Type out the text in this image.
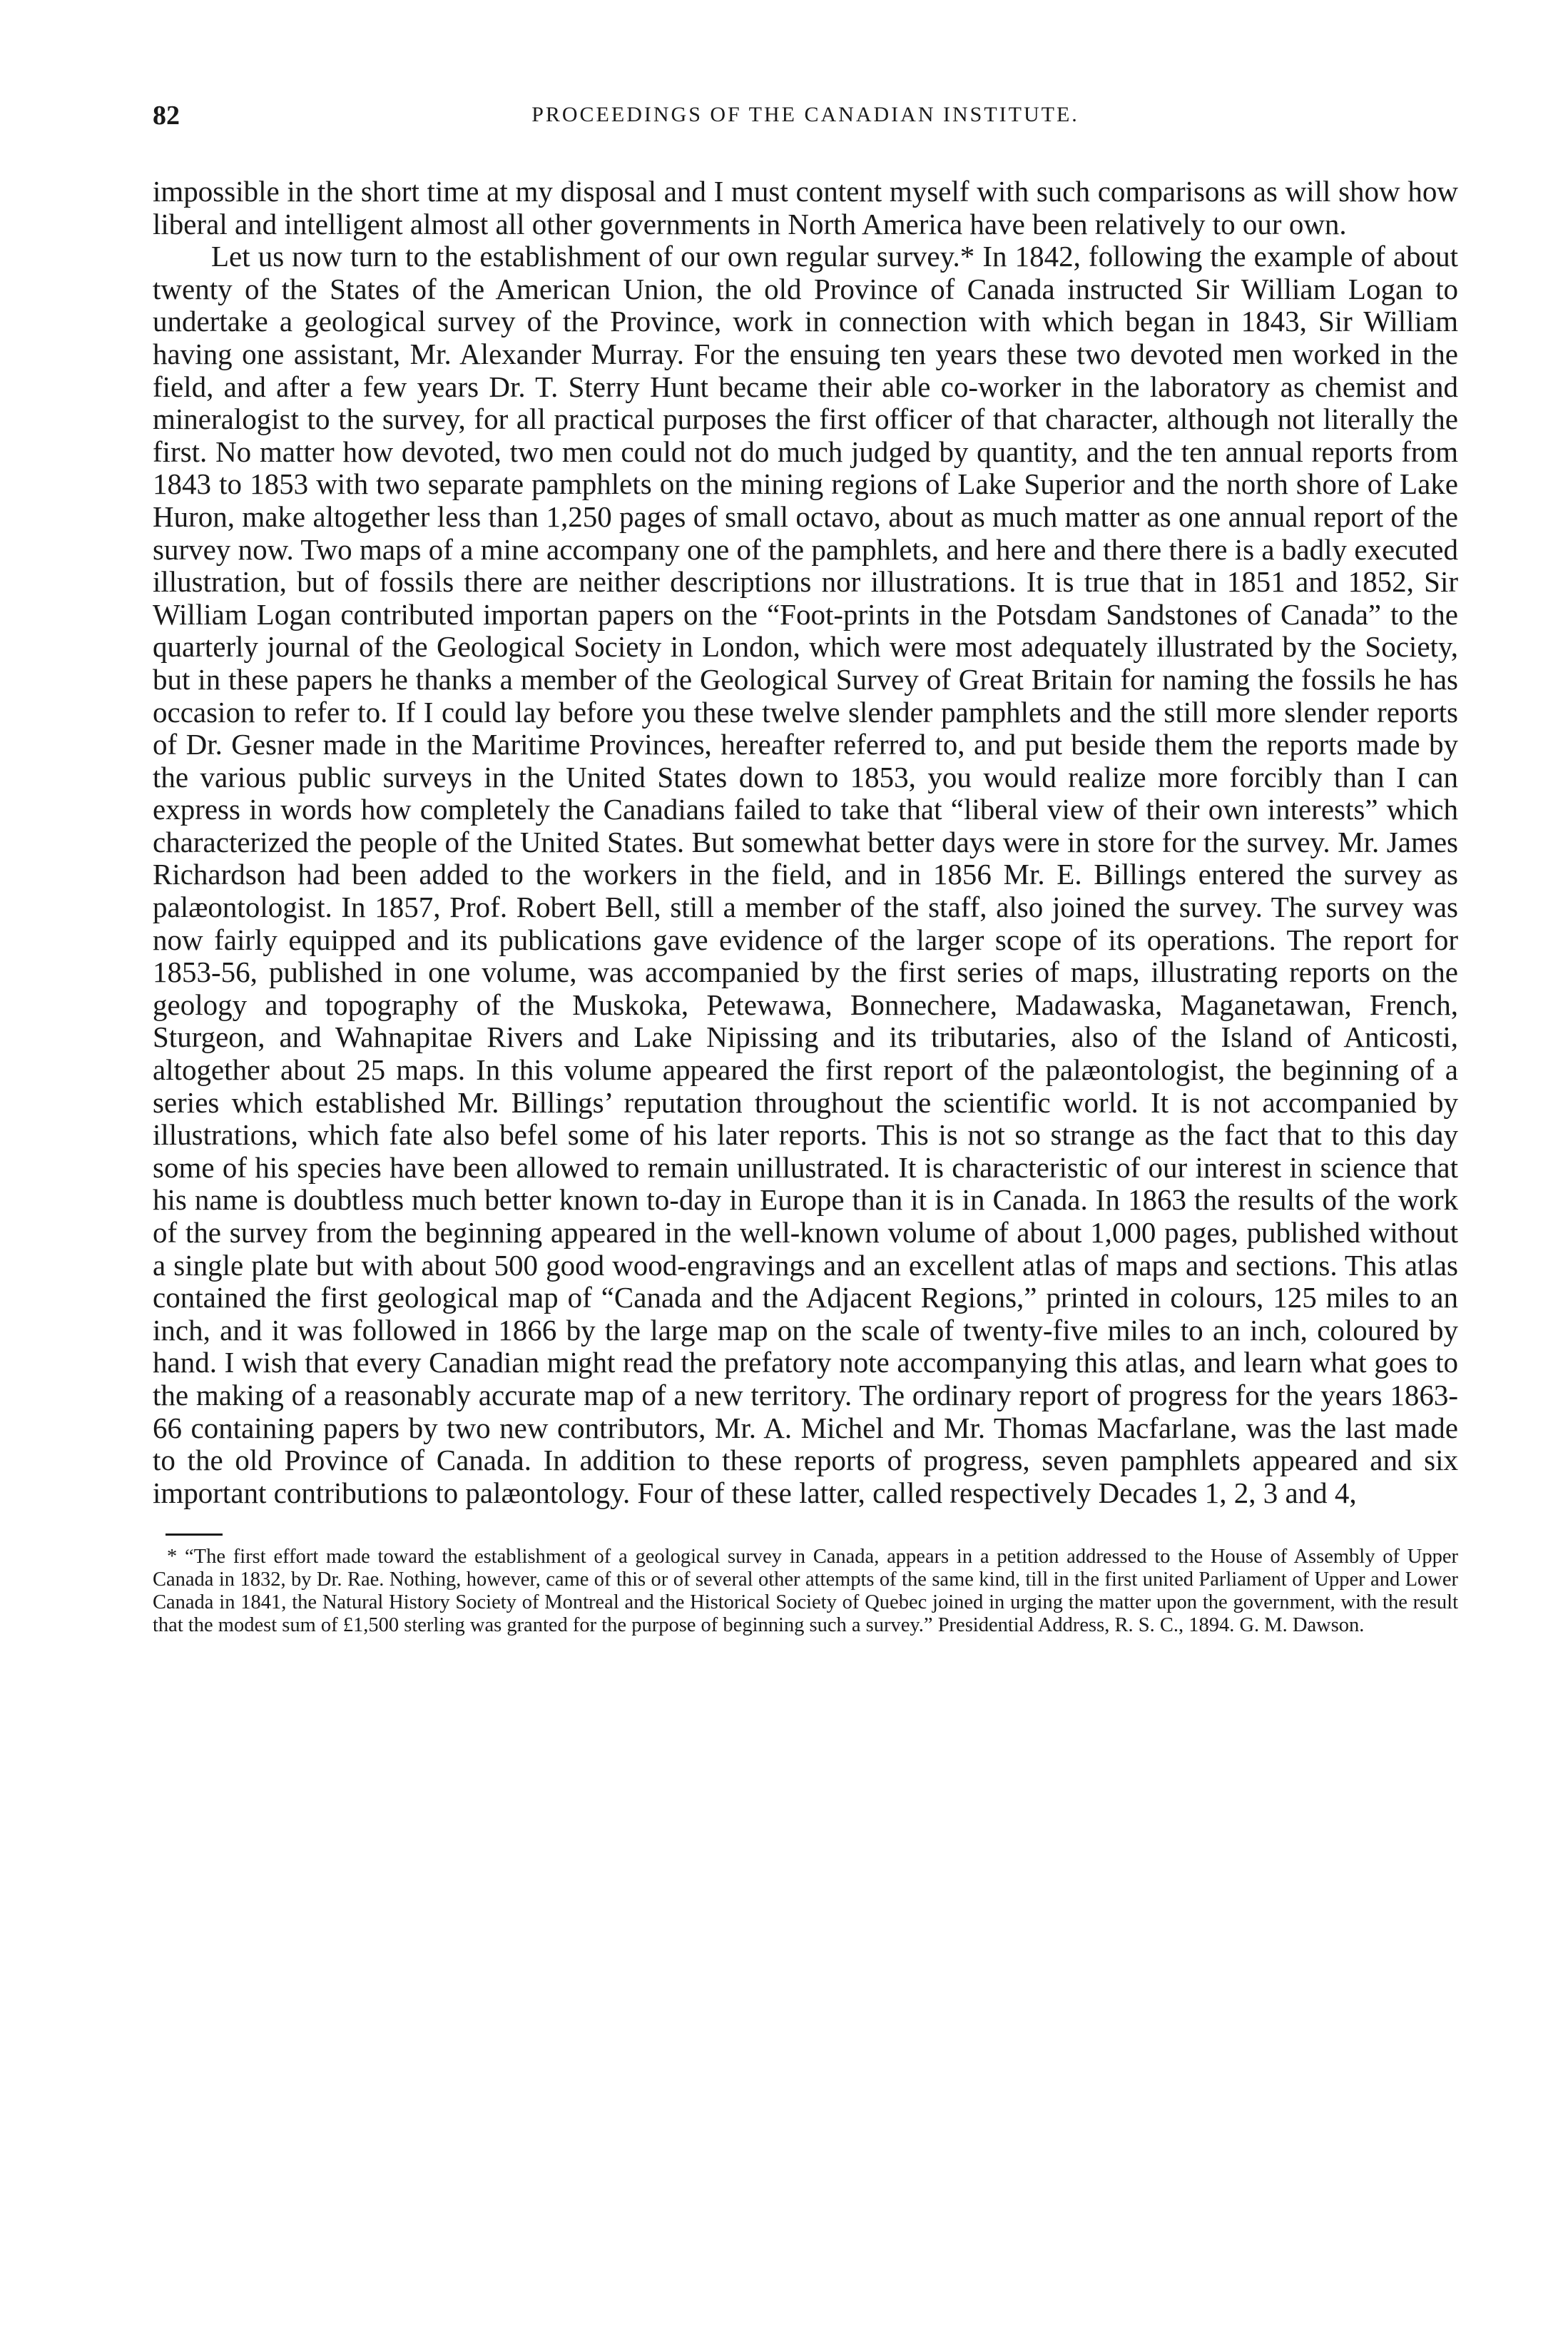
82	PROCEEDINGS OF THE CANADIAN INSTITUTE.

impossible in the short time at my disposal and I must content myself with such comparisons as will show how liberal and intelligent almost all other governments in North America have been relatively to our own.

Let us now turn to the establishment of our own regular survey.* In 1842, following the example of about twenty of the States of the American Union, the old Province of Canada instructed Sir William Logan to undertake a geological survey of the Province, work in connection with which began in 1843, Sir William having one assistant, Mr. Alexander Murray. For the ensuing ten years these two devoted men worked in the field, and after a few years Dr. T. Sterry Hunt became their able co-worker in the laboratory as chemist and mineralogist to the survey, for all practical purposes the first officer of that character, although not literally the first. No matter how devoted, two men could not do much judged by quantity, and the ten annual reports from 1843 to 1853 with two separate pamphlets on the mining regions of Lake Superior and the north shore of Lake Huron, make altogether less than 1,250 pages of small octavo, about as much matter as one annual report of the survey now. Two maps of a mine accompany one of the pamphlets, and here and there there is a badly executed illustration, but of fossils there are neither descriptions nor illustrations. It is true that in 1851 and 1852, Sir William Logan contributed importan papers on the “Foot-prints in the Potsdam Sandstones of Canada” to the quarterly journal of the Geological Society in London, which were most adequately illustrated by the Society, but in these papers he thanks a member of the Geological Survey of Great Britain for naming the fossils he has occasion to refer to. If I could lay before you these twelve slender pamphlets and the still more slender reports of Dr. Gesner made in the Maritime Provinces, hereafter referred to, and put beside them the reports made by the various public surveys in the United States down to 1853, you would realize more forcibly than I can express in words how completely the Canadians failed to take that “liberal view of their own interests” which characterized the people of the United States. But somewhat better days were in store for the survey. Mr. James Richardson had been added to the workers in the field, and in 1856 Mr. E. Billings entered the survey as palæontologist. In 1857, Prof. Robert Bell, still a member of the staff, also joined the survey. The survey was now fairly equipped and its publications gave evidence of the larger scope of its operations. The report for 1853-56, published in one volume, was accompanied by the first series of maps, illustrating reports on the geology and topography of the Muskoka, Petewawa, Bonnechere, Madawaska, Maganetawan, French, Sturgeon, and Wahnapitae Rivers and Lake Nipissing and its tributaries, also of the Island of Anticosti, altogether about 25 maps. In this volume appeared the first report of the palæontologist, the beginning of a series which established Mr. Billings’ reputation throughout the scientific world. It is not accompanied by illustrations, which fate also befel some of his later reports. This is not so strange as the fact that to this day some of his species have been allowed to remain unillustrated. It is characteristic of our interest in science that his name is doubtless much better known to-day in Europe than it is in Canada. In 1863 the results of the work of the survey from the beginning appeared in the well-known volume of about 1,000 pages, published without a single plate but with about 500 good wood-engravings and an excellent atlas of maps and sections. This atlas contained the first geological map of “Canada and the Adjacent Regions,” printed in colours, 125 miles to an inch, and it was followed in 1866 by the large map on the scale of twenty-five miles to an inch, coloured by hand. I wish that every Canadian might read the prefatory note accompanying this atlas, and learn what goes to the making of a reasonably accurate map of a new territory. The ordinary report of progress for the years 1863-66 containing papers by two new contributors, Mr. A. Michel and Mr. Thomas Macfarlane, was the last made to the old Province of Canada. In addition to these reports of progress, seven pamphlets appeared and six important contributions to palæontology. Four of these latter, called respectively Decades 1, 2, 3 and 4,

* “The first effort made toward the establishment of a geological survey in Canada, appears in a petition addressed to the House of Assembly of Upper Canada in 1832, by Dr. Rae. Nothing, however, came of this or of several other attempts of the same kind, till in the first united Parliament of Upper and Lower Canada in 1841, the Natural History Society of Montreal and the Historical Society of Quebec joined in urging the matter upon the government, with the result that the modest sum of £1,500 sterling was granted for the purpose of beginning such a survey.” Presidential Address, R. S. C., 1894. G. M. Dawson.
